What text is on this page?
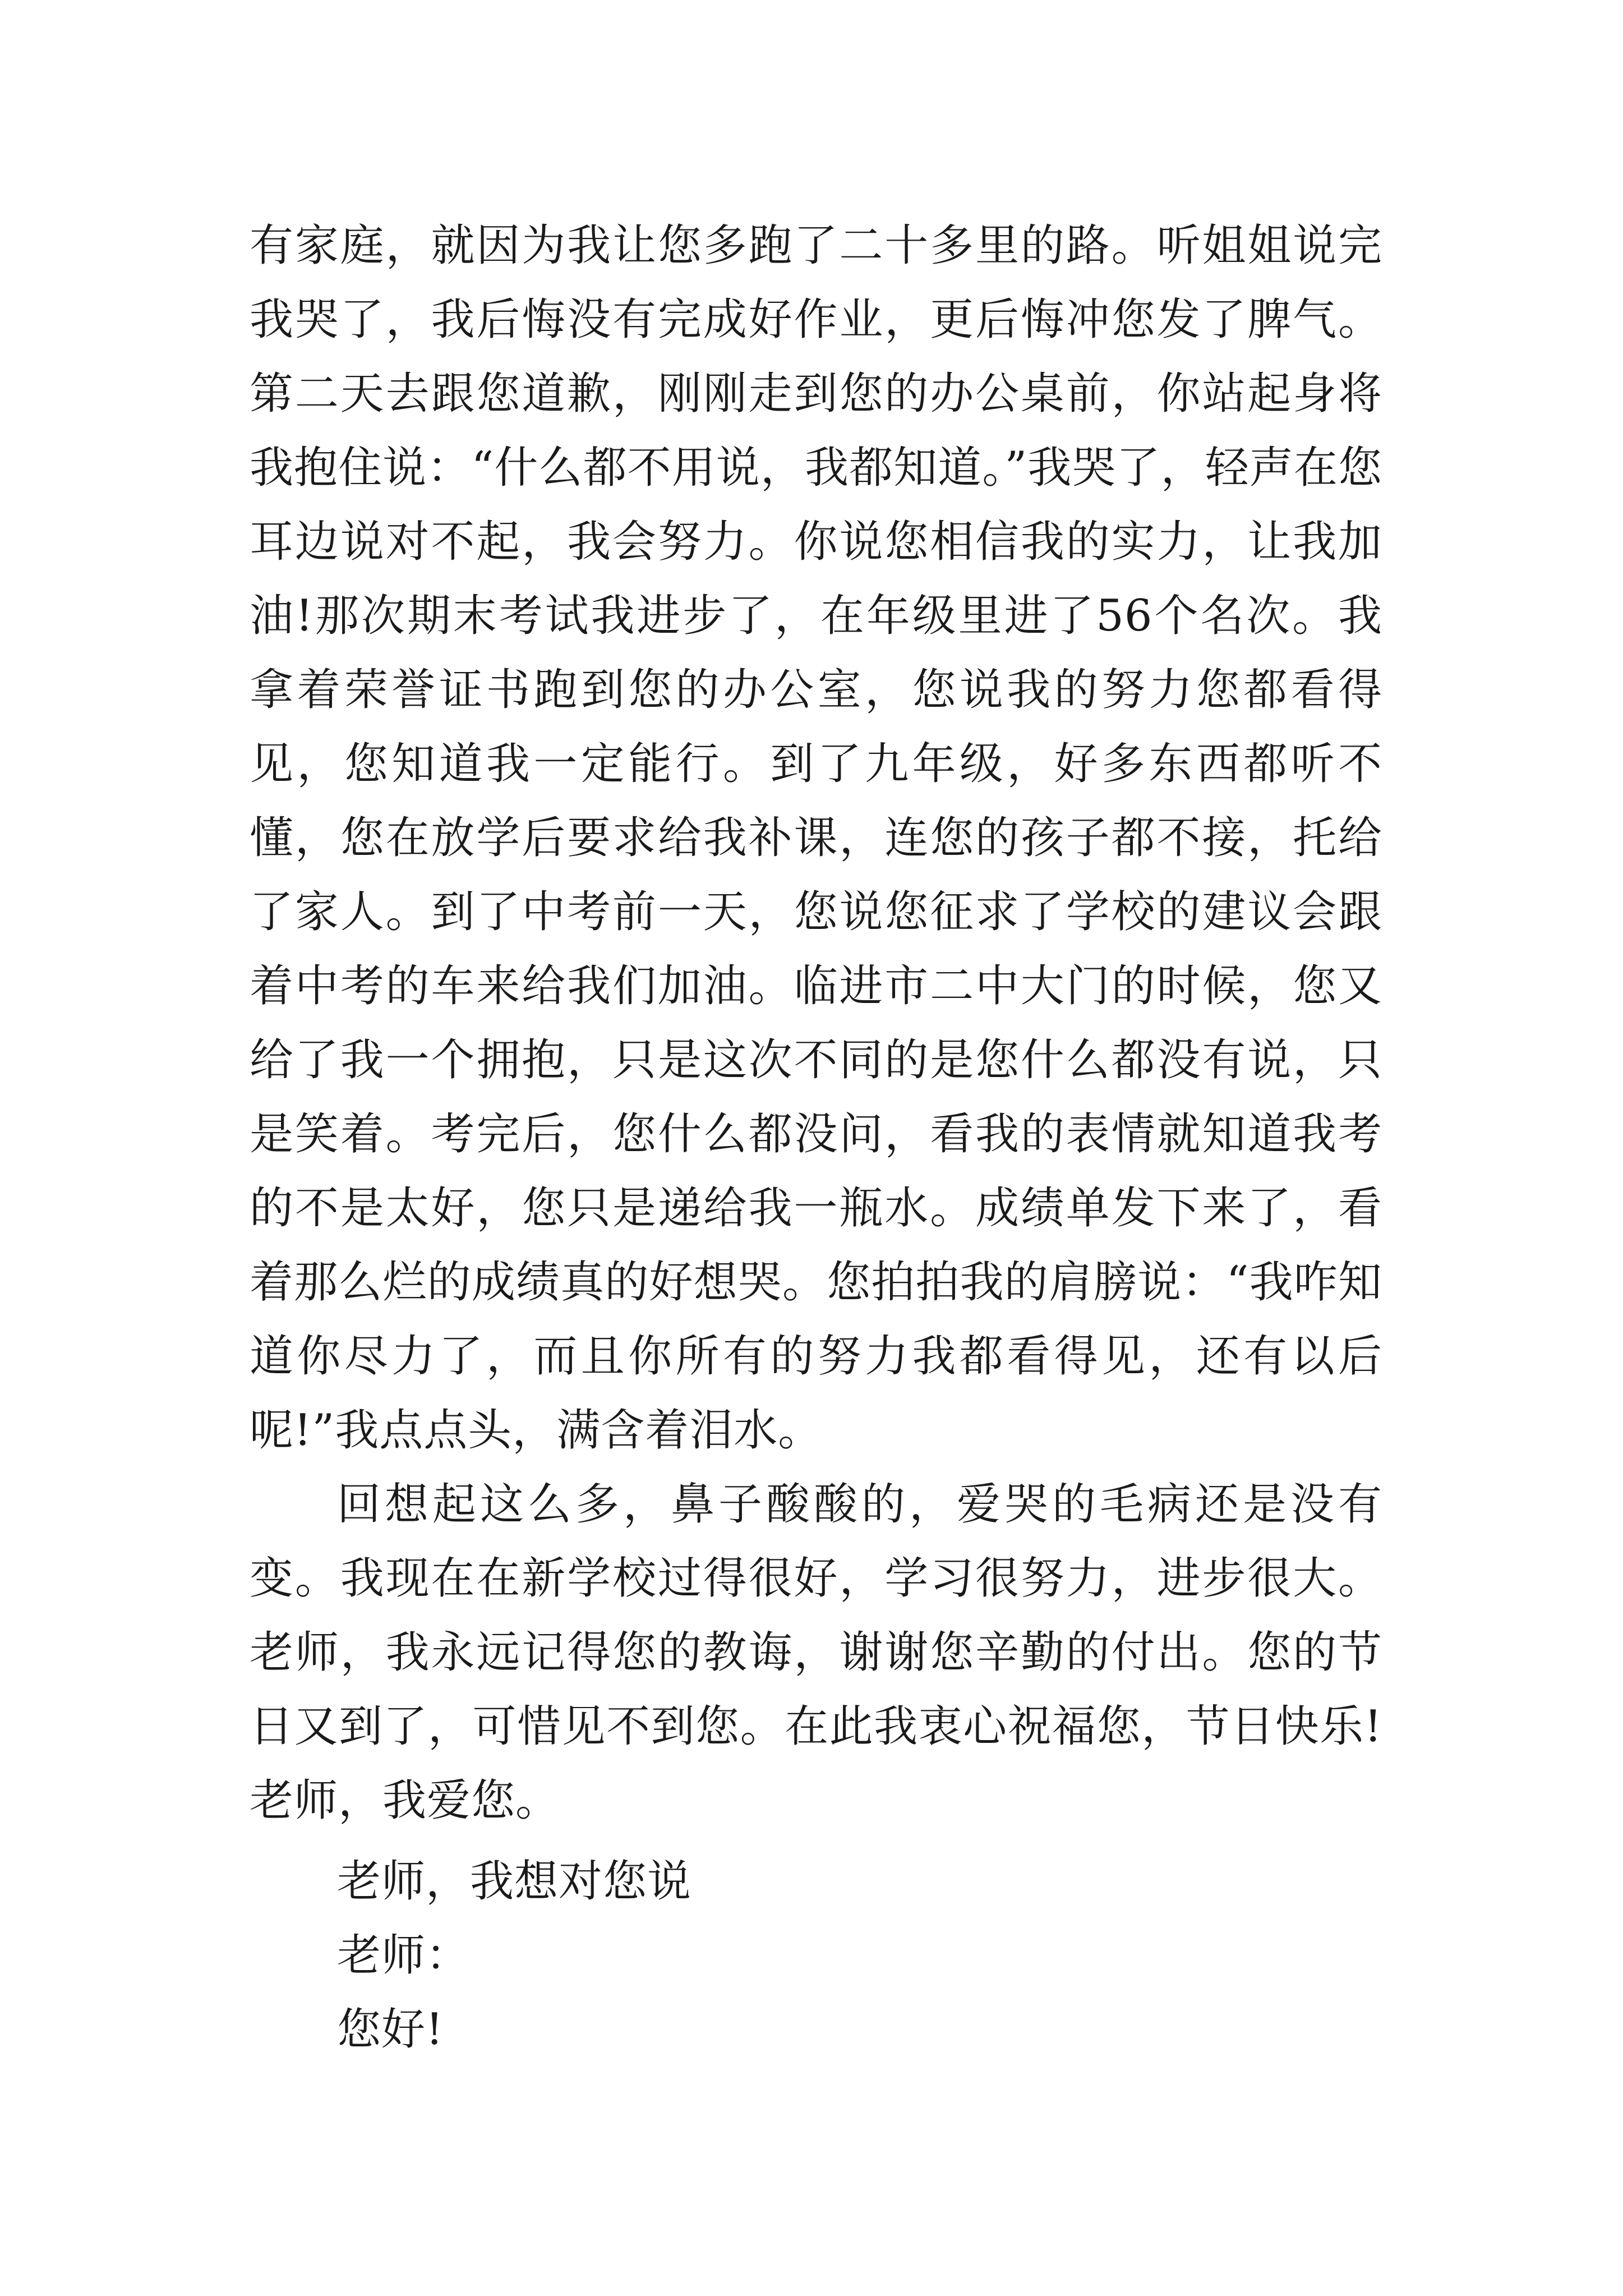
有家庭，就因为我让您多跑了二十多里的路。听姐姐说完我哭了，我后悔没有完成好作业，更后悔冲您发了脾气。第二天去跟您道歉，刚刚走到您的办公桌前，你站起身将我抱住说：“什么都不用说，我都知道。”我哭了，轻声在您耳边说对不起，我会努力。你说您相信我的实力，让我加油!那次期末考试我进步了，在年级里进了56个名次。我拿着荣誉证书跑到您的办公室，您说我的努力您都看得见，您知道我一定能行。到了九年级，好多东西都听不懂，您在放学后要求给我补课，连您的孩子都不接，托给了家人。到了中考前一天，您说您征求了学校的建议会跟着中考的车来给我们加油。临进市二中大门的时候，您又给了我一个拥抱，只是这次不同的是您什么都没有说，只是笑着。考完后，您什么都没问，看我的表情就知道我考的不是太好，您只是递给我一瓶水。成绩单发下来了，看着那么烂的成绩真的好想哭。您拍拍我的肩膀说：“我咋知道你尽力了，而且你所有的努力我都看得见，还有以后呢!”我点点头，满含着泪水。

回想起这么多，鼻子酸酸的，爱哭的毛病还是没有变。我现在在新学校过得很好，学习很努力，进步很大。老师，我永远记得您的教诲，谢谢您辛勤的付出。您的节日又到了，可惜见不到您。在此我衷心祝福您，节日快乐!老师，我爱您。

老师，我想对您说

老师：

您好!
